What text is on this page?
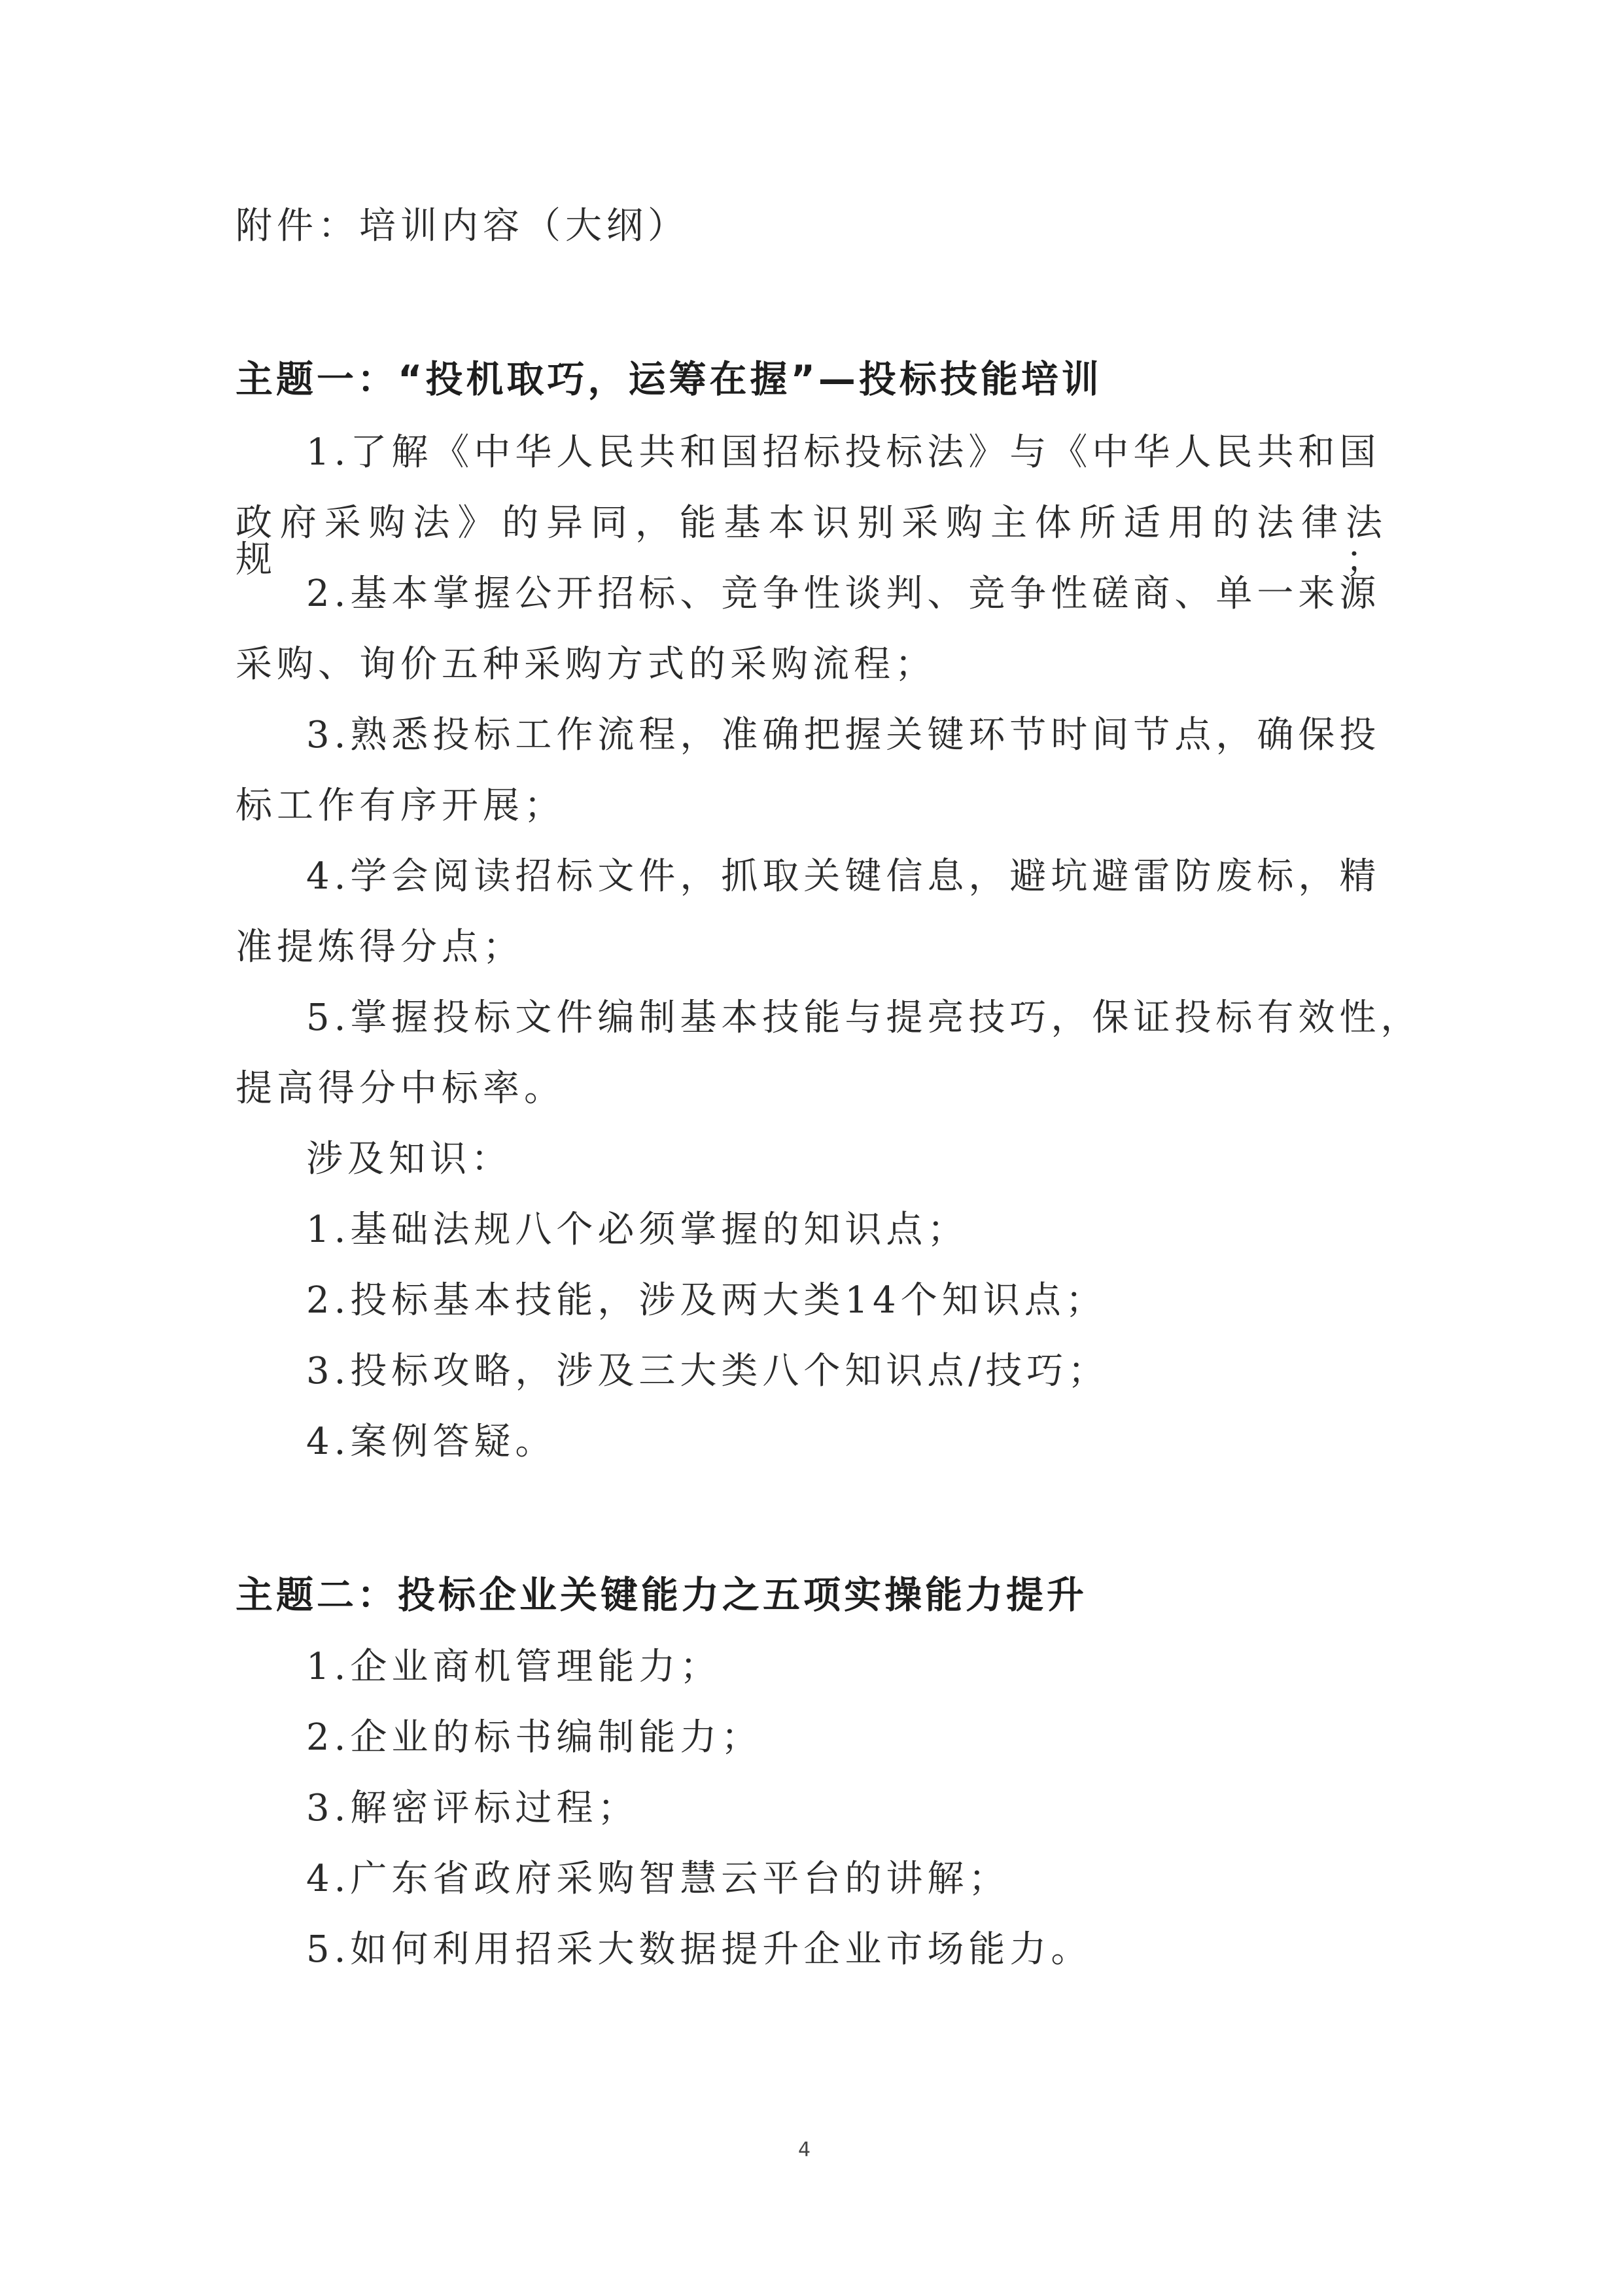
附件：培训内容（大纲）
主题一：“投机取巧，运筹在握”—投标技能培训
1.了解《中华人民共和国招标投标法》与《中华人民共和国
政府采购法》的异同，能基本识别采购主体所适用的法律法规；
2.基本掌握公开招标、竞争性谈判、竞争性磋商、单一来源
采购、询价五种采购方式的采购流程；
3.熟悉投标工作流程，准确把握关键环节时间节点，确保投
标工作有序开展；
4.学会阅读招标文件，抓取关键信息，避坑避雷防废标，精
准提炼得分点；
5.掌握投标文件编制基本技能与提亮技巧，保证投标有效性，
提高得分中标率。
涉及知识：
1.基础法规八个必须掌握的知识点；
2.投标基本技能，涉及两大类14个知识点；
3.投标攻略，涉及三大类八个知识点/技巧；
4.案例答疑。
主题二：投标企业关键能力之五项实操能力提升
1.企业商机管理能力；
2.企业的标书编制能力；
3.解密评标过程；
4.广东省政府采购智慧云平台的讲解；
5.如何利用招采大数据提升企业市场能力。
4
